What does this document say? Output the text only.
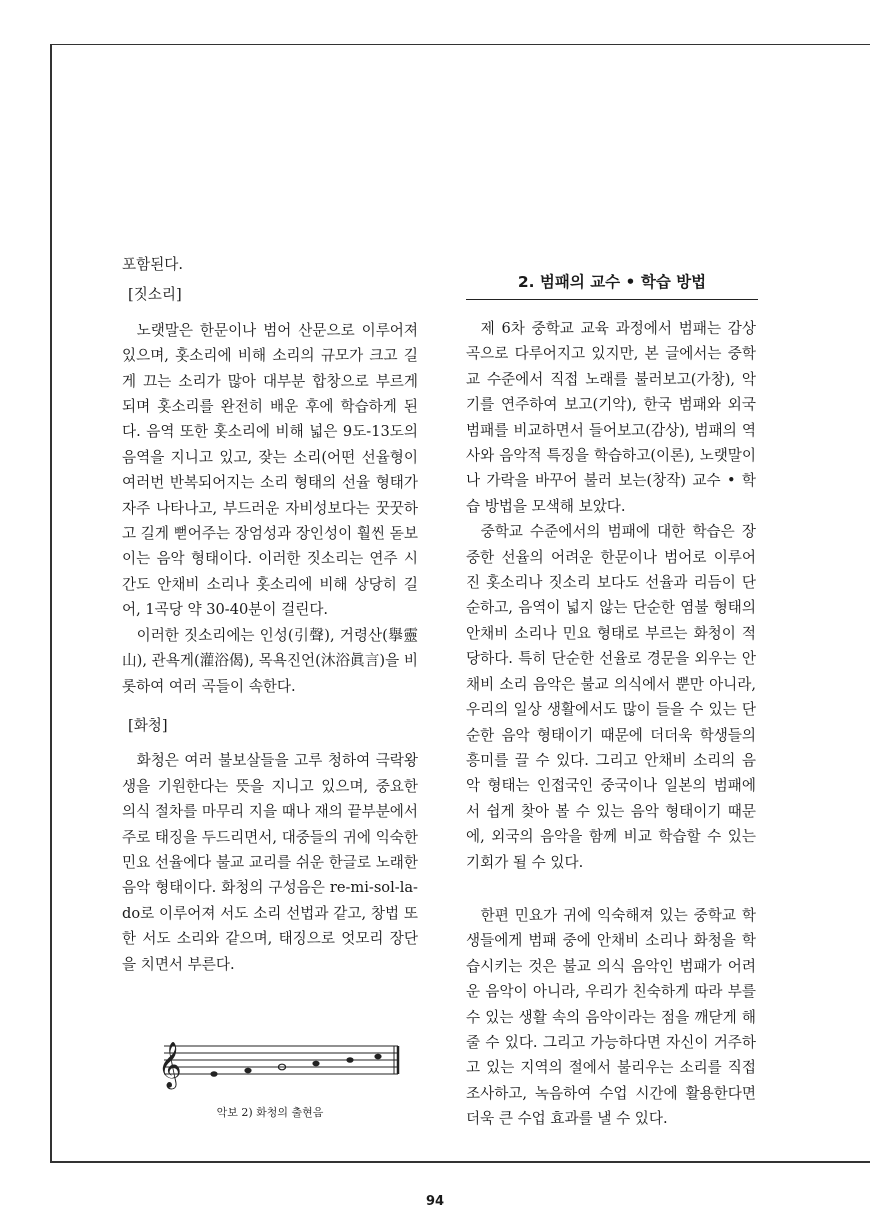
포함된다.

[짓소리]

노랫말은 한문이나 범어 산문으로 이루어져 있으며, 홋소리에 비해 소리의 규모가 크고 길게 끄는 소리가 많아 대부분 합창으로 부르게 되며 홋소리를 완전히 배운 후에 학습하게 된다. 음역 또한 홋소리에 비해 넓은 9도-13도의 음역을 지니고 있고, 잦는 소리(어떤 선율형이 여러번 반복되어지는 소리 형태의 선율 형태가 자주 나타나고, 부드러운 자비성보다는 꿋꿋하고 길게 뻗어주는 장엄성과 장인성이 훨씬 돋보이는 음악 형태이다. 이러한 짓소리는 연주 시간도 안채비 소리나 홋소리에 비해 상당히 길어, 1곡당 약 30-40분이 걸린다.

이러한 짓소리에는 인성(引聲), 거령산(擧靈山), 관욕게(灌浴偈), 목욕진언(沐浴眞言)을 비롯하여 여러 곡들이 속한다.

[화청]

화청은 여러 불보살들을 고루 청하여 극락왕생을 기원한다는 뜻을 지니고 있으며, 중요한 의식 절차를 마무리 지을 때나 재의 끝부분에서 주로 태징을 두드리면서, 대중들의 귀에 익숙한 민요 선율에다 불교 교리를 쉬운 한글로 노래한 음악 형태이다. 화청의 구성음은 re-mi-sol-la-do로 이루어져 서도 소리 선법과 같고, 창법 또한 서도 소리와 같으며, 태징으로 엇모리 장단을 치면서 부른다.

𝄞
악보 2) 화청의 출현음
2. 범패의 교수 • 학습 방법

제 6차 중학교 교육 과정에서 범패는 감상곡으로 다루어지고 있지만, 본 글에서는 중학교 수준에서 직접 노래를 불러보고(가창), 악기를 연주하여 보고(기악), 한국 범패와 외국 범패를 비교하면서 들어보고(감상), 범패의 역사와 음악적 특징을 학습하고(이론), 노랫말이나 가락을 바꾸어 불러 보는(창작) 교수 • 학습 방법을 모색해 보았다.

중학교 수준에서의 범패에 대한 학습은 장중한 선율의 어려운 한문이나 범어로 이루어진 홋소리나 짓소리 보다도 선율과 리듬이 단순하고, 음역이 넓지 않는 단순한 염불 형태의 안채비 소리나 민요 형태로 부르는 화청이 적당하다. 특히 단순한 선율로 경문을 외우는 안채비 소리 음악은 불교 의식에서 뿐만 아니라, 우리의 일상 생활에서도 많이 들을 수 있는 단순한 음악 형태이기 때문에 더더욱 학생들의 흥미를 끌 수 있다. 그리고 안채비 소리의 음악 형태는 인접국인 중국이나 일본의 범패에서 쉽게 찾아 볼 수 있는 음악 형태이기 때문에, 외국의 음악을 함께 비교 학습할 수 있는 기회가 될 수 있다.

한편 민요가 귀에 익숙해져 있는 중학교 학생들에게 범패 중에 안채비 소리나 화청을 학습시키는 것은 불교 의식 음악인 범패가 어려운 음악이 아니라, 우리가 친숙하게 따라 부를 수 있는 생활 속의 음악이라는 점을 깨닫게 해 줄 수 있다. 그리고 가능하다면 자신이 거주하고 있는 지역의 절에서 불리우는 소리를 직접 조사하고, 녹음하여 수업 시간에 활용한다면 더욱 큰 수업 효과를 낼 수 있다.

94
